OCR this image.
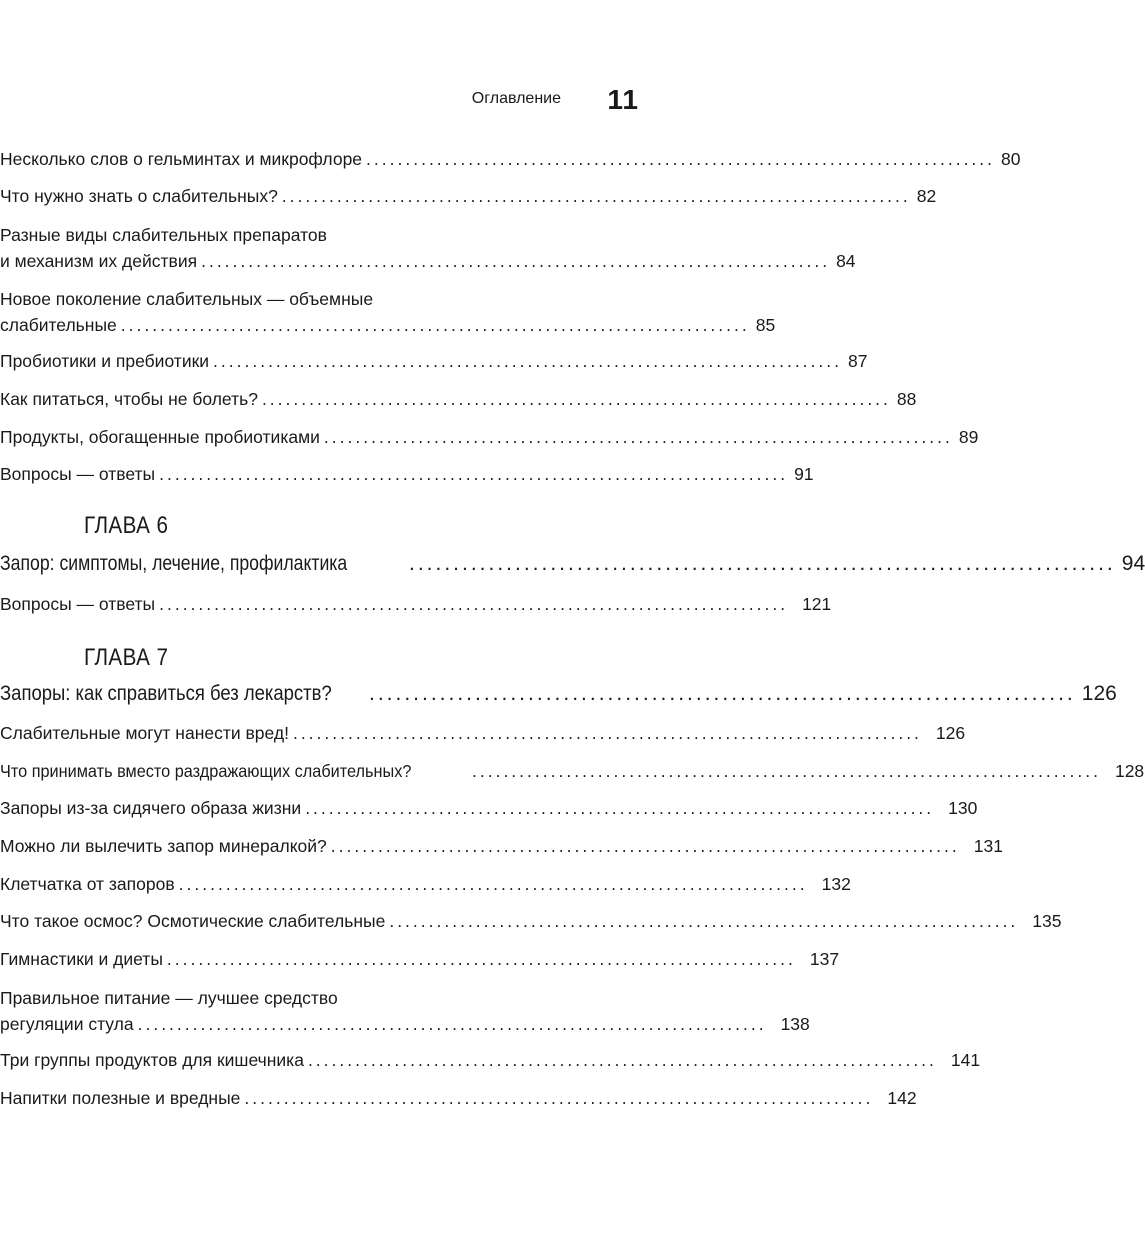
Оглавление 11
Несколько слов о гельминтах и микрофлоре ................................................................................ 80
Что нужно знать о слабительных? ................................................................................ 82
Разные виды слабительных препаратов
и механизм их действия ................................................................................ 84
Новое поколение слабительных — объемные
слабительные ................................................................................ 85
Пробиотики и пребиотики ................................................................................ 87
Как питаться, чтобы не болеть? ................................................................................ 88
Продукты, обогащенные пробиотиками ................................................................................ 89
Вопросы — ответы ................................................................................ 91
ГЛАВА 6
Запор: симптомы, лечение, профилактика	................................................................................ 94
Вопросы — ответы ................................................................................ 121
ГЛАВА 7
Запоры: как справиться без лекарств? ................................................................................ 126
Слабительные могут нанести вред! ................................................................................ 126
Что принимать вместо раздражающих слабительных?	................................................................................ 128
Запоры из-за сидячего образа жизни ................................................................................ 130
Можно ли вылечить запор минералкой? ................................................................................ 131
Клетчатка от запоров ................................................................................ 132
Что такое осмос? Осмотические слабительные ................................................................................ 135
Гимнастики и диеты ................................................................................ 137
Правильное питание — лучшее средство
регуляции стула ................................................................................ 138
Три группы продуктов для кишечника ................................................................................ 141
Напитки полезные и вредные ................................................................................ 142
